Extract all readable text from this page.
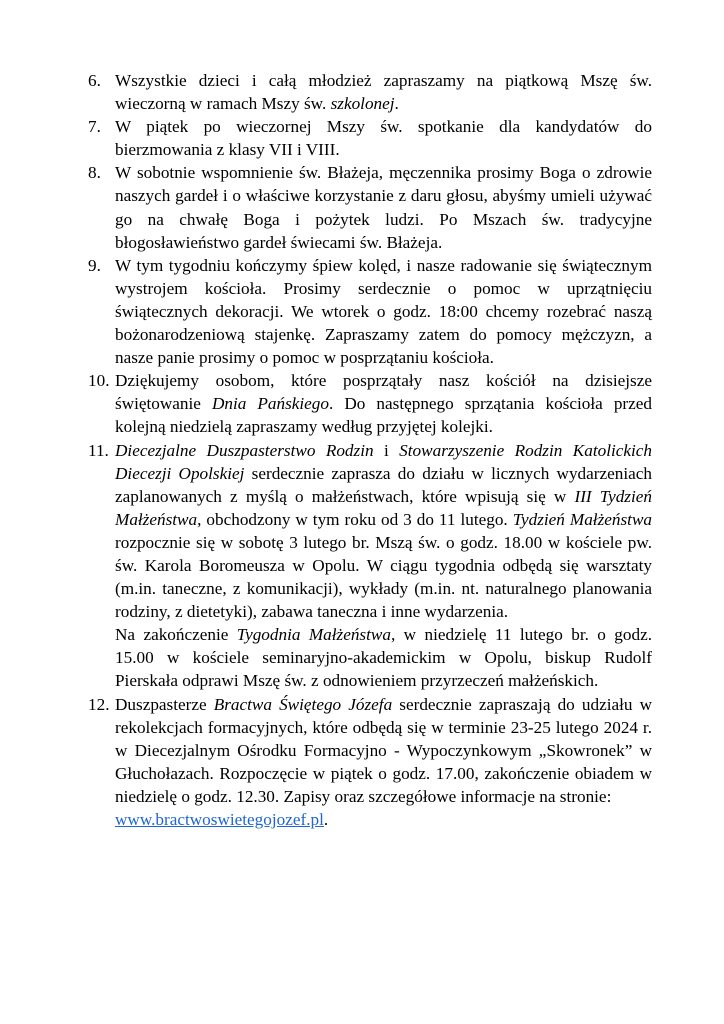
6. Wszystkie dzieci i całą młodzież zapraszamy na piątkową Mszę św. wieczorną w ramach Mszy św. szkolonej.
7. W piątek po wieczornej Mszy św. spotkanie dla kandydatów do bierzmowania z klasy VII i VIII.
8. W sobotnie wspomnienie św. Błażeja, męczennika prosimy Boga o zdrowie naszych gardeł i o właściwe korzystanie z daru głosu, abyśmy umieli używać go na chwałę Boga i pożytek ludzi. Po Mszach św. tradycyjne błogosławieństwo gardeł świecami św. Błażeja.
9. W tym tygodniu kończymy śpiew kolęd, i nasze radowanie się świątecznym wystrojem kościoła. Prosimy serdecznie o pomoc w uprzątnięciu świątecznych dekoracji. We wtorek o godz. 18:00 chcemy rozebrać naszą bożonarodzeniową stajenkę. Zapraszamy zatem do pomocy mężczyzn, a nasze panie prosimy o pomoc w posprzątaniu kościoła.
10. Dziękujemy osobom, które posprzątały nasz kościół na dzisiejsze świętowanie Dnia Pańskiego. Do następnego sprzątania kościoła przed kolejną niedzielą zapraszamy według przyjętej kolejki.
11. Diecezjalne Duszpasterstwo Rodzin i Stowarzyszenie Rodzin Katolickich Diecezji Opolskiej serdecznie zaprasza do działu w licznych wydarzeniach zaplanowanych z myślą o małżeństwach, które wpisują się w III Tydzień Małżeństwa, obchodzony w tym roku od 3 do 11 lutego. Tydzień Małżeństwa rozpocznie się w sobotę 3 lutego br. Mszą św. o godz. 18.00 w kościele pw. św. Karola Boromeusza w Opolu. W ciągu tygodnia odbędą się warsztaty (m.in. taneczne, z komunikacji), wykłady (m.in. nt. naturalnego planowania rodziny, z dietetyki), zabawa taneczna i inne wydarzenia.
Na zakończenie Tygodnia Małżeństwa, w niedzielę 11 lutego br. o godz. 15.00 w kościele seminaryjno-akademickim w Opolu, biskup Rudolf Pierskała odprawi Mszę św. z odnowieniem przyrzeczeń małżeńskich.
12. Duszpasterze Bractwa Świętego Józefa serdecznie zapraszają do udziału w rekolekcjach formacyjnych, które odbędą się w terminie 23-25 lutego 2024 r. w Diecezjalnym Ośrodku Formacyjno - Wypoczynkowym „Skowronek” w Głuchołazach. Rozpoczęcie w piątek o godz. 17.00, zakończenie obiadem w niedzielę o godz. 12.30. Zapisy oraz szczegółowe informacje na stronie:
www.bractwoswietegojozef.pl.
